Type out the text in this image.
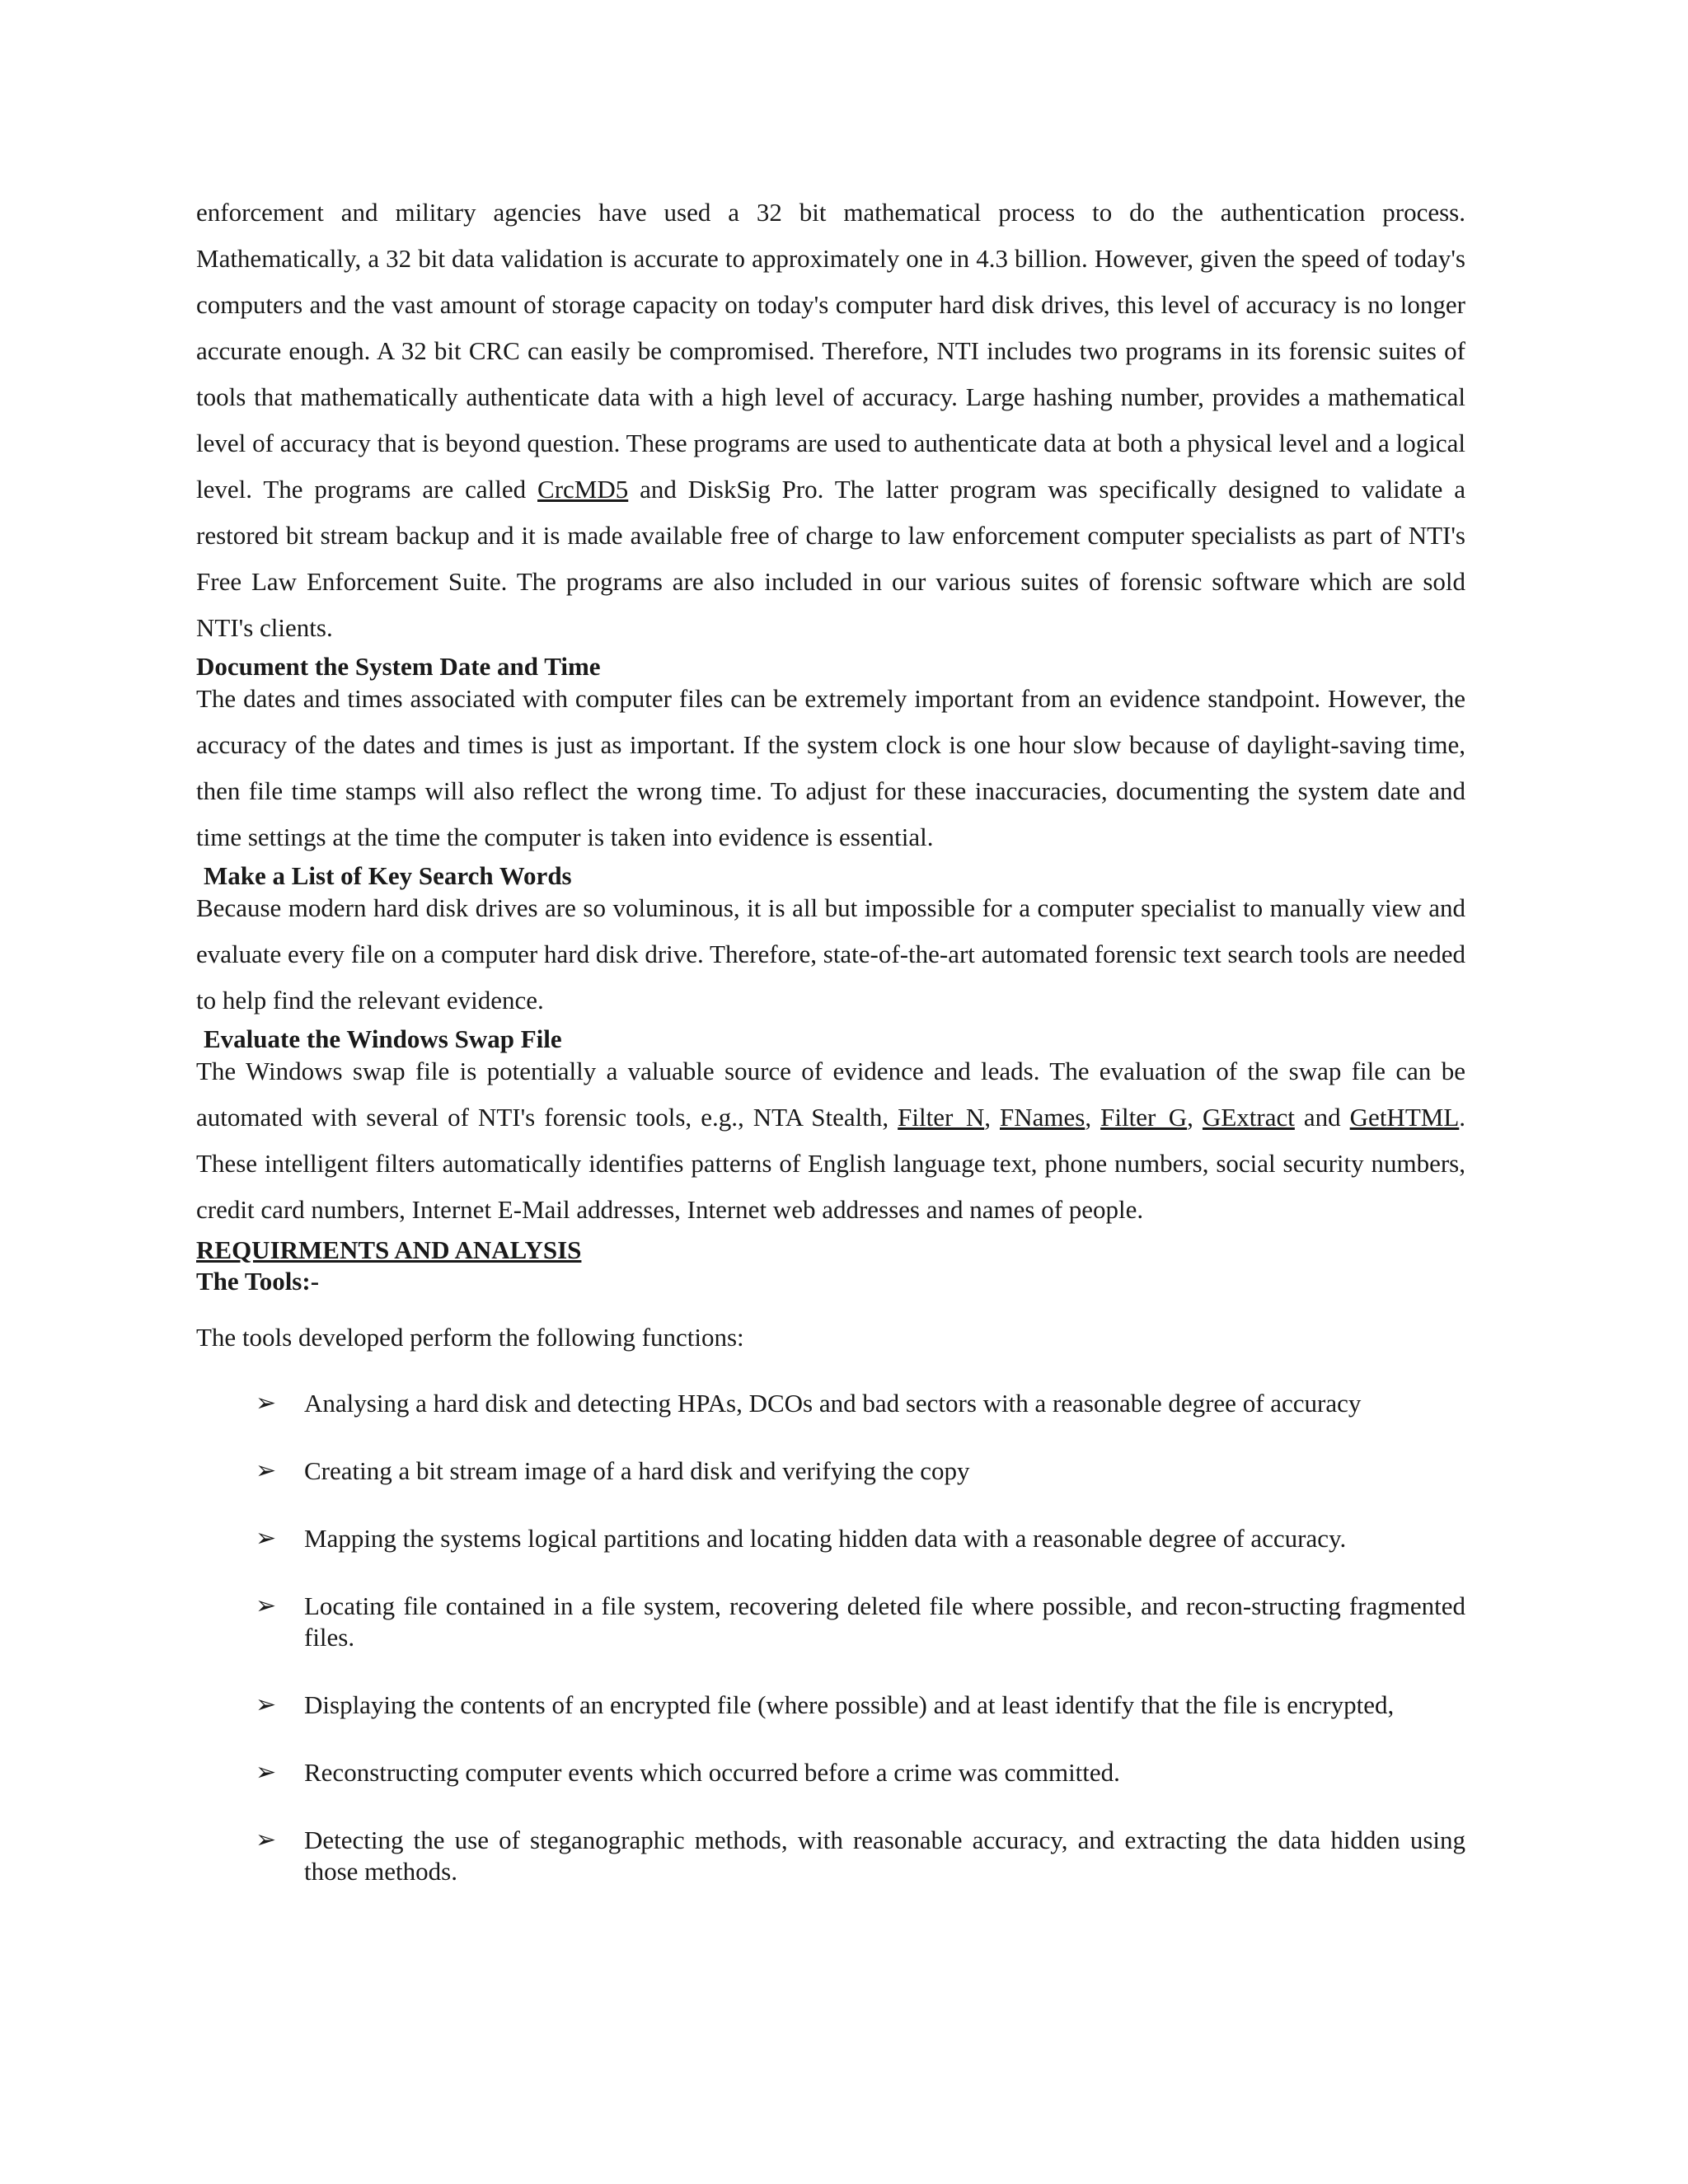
enforcement and military agencies have used a 32 bit mathematical process to do the authentication process. Mathematically, a 32 bit data validation is accurate to approximately one in 4.3 billion. However, given the speed of today's computers and the vast amount of storage capacity on today's computer hard disk drives, this level of accuracy is no longer accurate enough. A 32 bit CRC can easily be compromised. Therefore, NTI includes two programs in its forensic suites of tools that mathematically authenticate data with a high level of accuracy. Large hashing number, provides a mathematical level of accuracy that is beyond question. These programs are used to authenticate data at both a physical level and a logical level. The programs are called CrcMD5 and DiskSig Pro. The latter program was specifically designed to validate a restored bit stream backup and it is made available free of charge to law enforcement computer specialists as part of NTI's Free Law Enforcement Suite. The programs are also included in our various suites of forensic software which are sold NTI's clients.

Document the System Date and Time

The dates and times associated with computer files can be extremely important from an evidence standpoint. However, the accuracy of the dates and times is just as important. If the system clock is one hour slow because of daylight-saving time, then file time stamps will also reflect the wrong time. To adjust for these inaccuracies, documenting the system date and time settings at the time the computer is taken into evidence is essential.

Make a List of Key Search Words

Because modern hard disk drives are so voluminous, it is all but impossible for a computer specialist to manually view and evaluate every file on a computer hard disk drive. Therefore, state-of-the-art automated forensic text search tools are needed to help find the relevant evidence.

Evaluate the Windows Swap File

The Windows swap file is potentially a valuable source of evidence and leads. The evaluation of the swap file can be automated with several of NTI's forensic tools, e.g., NTA Stealth, Filter_N, FNames, Filter_G, GExtract and GetHTML. These intelligent filters automatically identifies patterns of English language text, phone numbers, social security numbers, credit card numbers, Internet E-Mail addresses, Internet web addresses and names of people.

REQUIRMENTS AND ANALYSIS
The Tools:-

The tools developed perform the following functions:

➢ Analysing a hard disk and detecting HPAs, DCOs and bad sectors with a reasonable degree of accuracy
➢ Creating a bit stream image of a hard disk and verifying the copy
➢ Mapping the systems logical partitions and locating hidden data with a reasonable degree of accuracy.
➢ Locating file contained in a file system, recovering deleted file where possible, and recon-structing fragmented files.
➢ Displaying the contents of an encrypted file (where possible) and at least identify that the file is encrypted,
➢ Reconstructing computer events which occurred before a crime was committed.
➢ Detecting the use of steganographic methods, with reasonable accuracy, and extracting the data hidden using those methods.
